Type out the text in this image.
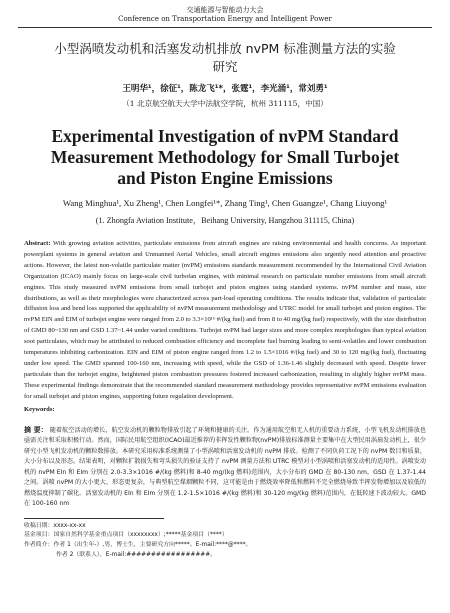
交通能源与智能动力大会
Conference on Transportation Energy and Intelligent Power
小型涡喷发动机和活塞发动机排放 nvPM 标准测量方法的实验研究
王明华¹，徐征¹，陈龙飞¹*，张霆¹，李光涌¹，常刘勇¹
（1 北京航空航天大学中法航空学院，杭州 311115，中国）
Experimental Investigation of nvPM Standard Measurement Methodology for Small Turbojet and Piston Engine Emissions
Wang Minghua¹, Xu Zheng¹, Chen Longfei¹*, Zhang Ting¹, Chen Guangze¹, Chang Liuyong¹
(1. Zhongfa Aviation Institute，Beihang University, Hangzhou 311115, China)
Abstract: With growing aviation activities, particulate emissions from aircraft engines are raising environmental and health concerns. As important powerplant systems in general aviation and Unmanned Aerial Vehicles, small aircraft engines emissions also urgently need attention and proactive actions. However, the latest non-volatile particulate matter (nvPM) emissions standards measurement recommended by the International Civil Aviation Organization (ICAO) mainly focus on large-scale civil turbofan engines, with minimal research on particulate number emissions from small aircraft engines. This study measured nvPM emissions from small turbojet and piston engines using standard systems. nvPM number and mass, size distributions, as well as their morphologies were characterized across part-load operating conditions. The results indicate that, validation of particulate diffusion loss and bend loss supported the applicability of nvPM measurement methodology and UTRC model for small turbojet and piston engines. The nvPM EIN and EIM of turbojet engine were ranged from 2.0 to 3.3×10¹⁶ #/(kg fuel) and from 8 to 40 mg/(kg fuel) respectively, with the size distribution of GMD 80~130 nm and GSD 1.37~1.44 under varied conditions. Turbojet nvPM had larger sizes and more complex morphologies than typical aviation soot particulates, which may be attributed to reduced combustion efficiency and incomplete fuel burning leading to semi-volatiles and lower combustion temperatures inhibiting carbonization. EIN and EIM of piston engine ranged from 1.2 to 1.5×1016 #/(kg fuel) and 30 to 120 mg/(kg fuel), fluctuating under low speed. The GMD spanned 100-160 nm, increasing with speed, while the GSD of 1.36-1.46 slightly decreased with speed. Despite fewer particulate than the turbojet engine, heightened piston combustion pressures fostered increased carbonization, resulting in slightly higher nvPM mass. These experimental findings demonstrate that the recommended standard measurement methodology provides representative nvPM emissions evaluation for small turbojet and piston engines, supporting future regulation development.
Keywords:
摘 要： 随着航空活动的增长，航空发动机的颗粒物排放引起了环境和健康的关注。作为通用航空和无人机的重要动力系统，小型飞机发动机排放也亟需关注和采取积极行动。然而，国际民用航空组织(ICAO)最近推荐的非挥发性颗粒物(nvPM)排放标准测量主要集中在大型民用涡扇发动机上，很少研究小型飞机发动机的颗粒数排放。本研究采用标准系统测量了小型涡喷和活塞发动机的 nvPM 排放。检测了不同负荷工况下的 nvPM 数目和质量，大小分布以及形态。结果表明，对颗粒扩散损失和弯头损失的验证支持了 nvPM 测量方法和 UTRC 模型对小型涡喷和活塞发动机的适用性。涡喷发动机的 nvPM EIn 和 EIm 分别在 2.0-3.3×1016 #/(kg 燃料)和 8-40 mg/(kg 燃料)范围内，大小分布的 GMD 在 80-130 nm，GSD 在 1.37-1.44 之间。涡喷 nvPM 的大小更大，形态更复杂，与典型航空煤烟颗粒不同，这可能是由于燃烧效率降低和燃料不完全燃烧导致半挥发物增加以及较低的燃烧温度抑制了碳化。活塞发动机的 EIn 和 EIm 分别在 1.2-1.5×1016 #/(kg 燃料)和 30-120 mg/(kg 燃料)范围内，在低转速下波动较大。GMD 在 100-160 nm
收稿日期：xxxx-xx-xx
基金项目：国家自然科学基金重点项目（xxxxxxxx）;*****基金项目（****）
作者简介：作者 1（出生年-）,男，博士生，主要研究方向*****。E-mail:****@****。
作者 2（联系人），E-mail:#################。
